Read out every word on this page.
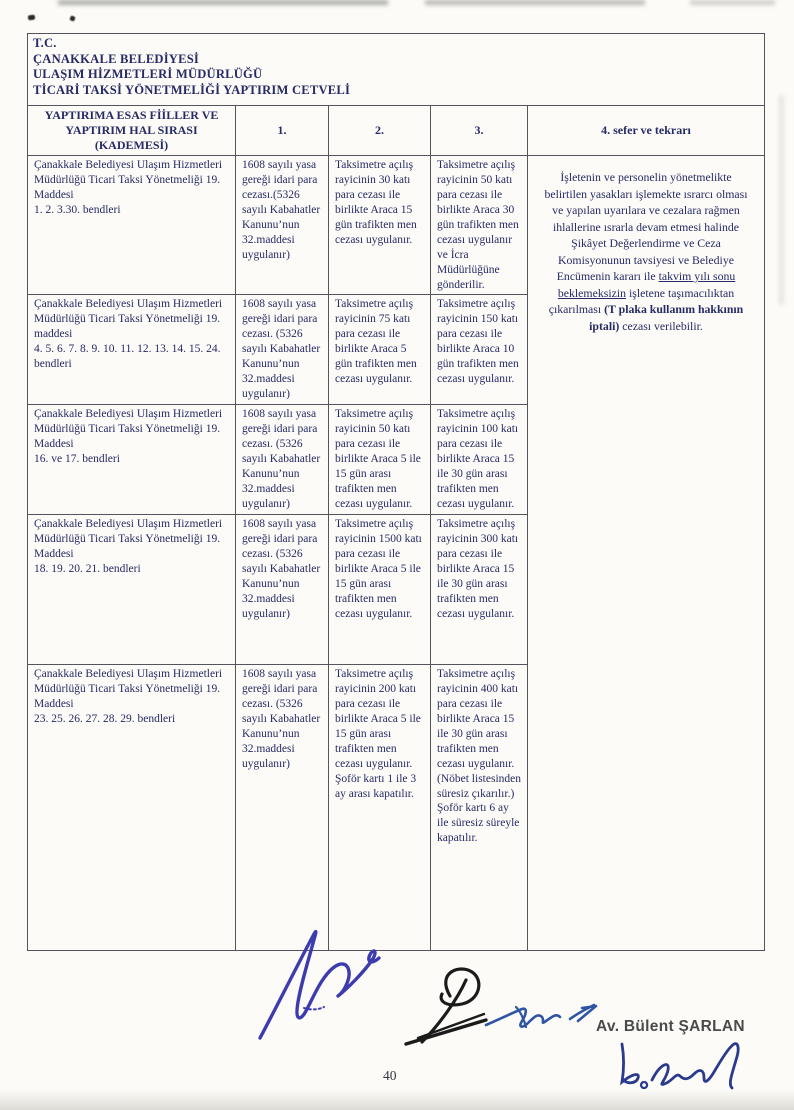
T.C.
ÇANAKKALE BELEDİYESİ
ULAŞIM HİZMETLERİ MÜDÜRLÜĞÜ
TİCARİ TAKSİ YÖNETMELİĞİ YAPTIRIM CETVELİ				

YAPTIRIMA ESAS FİİLLER VE YAPTIRIM HAL SIRASI (KADEMESİ)	1.	2.	3.	4. sefer ve tekrarı

Çanakkale Belediyesi Ulaşım Hizmetleri Müdürlüğü Ticari Taksi Yönetmeliği 19. Maddesi
1. 2. 3.30. bendleri	1608 sayılı yasa gereği idari para cezası.(5326 sayılı Kabahatler Kanunu’nun 32.maddesi uygulanır)	Taksimetre açılış rayicinin 30 katı para cezası ile birlikte Araca 15 gün trafikten men cezası uygulanır.	Taksimetre açılış rayicinin 50 katı para cezası ile birlikte Araca 30 gün trafikten men cezası uygulanır ve İcra Müdürlüğüne gönderilir.	İşletenin ve personelin yönetmelikte belirtilen yasakları işlemekte ısrarcı olması ve yapılan uyarılara ve cezalara rağmen ihlallerine ısrarla devam etmesi halinde Şikâyet Değerlendirme ve Ceza Komisyonunun tavsiyesi ve Belediye Encümenin kararı ile takvim yılı sonu beklemeksizin işletene taşımacılıktan çıkarılması (T plaka kullanım hakkının iptali) cezası verilebilir.

Çanakkale Belediyesi Ulaşım Hizmetleri Müdürlüğü Ticari Taksi Yönetmeliği 19. maddesi
4. 5. 6. 7. 8. 9. 10. 11. 12. 13. 14. 15. 24. bendleri	1608 sayılı yasa gereği idari para cezası. (5326 sayılı Kabahatler Kanunu’nun 32.maddesi uygulanır)	Taksimetre açılış rayicinin 75 katı para cezası ile birlikte Araca 5 gün trafikten men cezası uygulanır.	Taksimetre açılış rayicinin 150 katı para cezası ile birlikte Araca 10 gün trafikten men cezası uygulanır.	

Çanakkale Belediyesi Ulaşım Hizmetleri Müdürlüğü Ticari Taksi Yönetmeliği 19. Maddesi
16. ve 17. bendleri	1608 sayılı yasa gereği idari para cezası. (5326 sayılı Kabahatler Kanunu’nun 32.maddesi uygulanır)	Taksimetre açılış rayicinin 50 katı para cezası ile birlikte Araca 5 ile 15 gün arası trafikten men cezası uygulanır.	Taksimetre açılış rayicinin 100 katı para cezası ile birlikte Araca 15 ile 30 gün arası trafikten men cezası uygulanır.	

Çanakkale Belediyesi Ulaşım Hizmetleri Müdürlüğü Ticari Taksi Yönetmeliği 19. Maddesi
18. 19. 20. 21. bendleri	1608 sayılı yasa gereği idari para cezası. (5326 sayılı Kabahatler Kanunu’nun 32.maddesi uygulanır)	Taksimetre açılış rayicinin 1500 katı para cezası ile birlikte Araca 5 ile 15 gün arası trafikten men cezası uygulanır.	Taksimetre açılış rayicinin 300 katı para cezası ile birlikte Araca 15 ile 30 gün arası trafikten men cezası uygulanır.	

Çanakkale Belediyesi Ulaşım Hizmetleri Müdürlüğü Ticari Taksi Yönetmeliği 19. Maddesi
23. 25. 26. 27. 28. 29. bendleri	1608 sayılı yasa gereği idari para cezası. (5326 sayılı Kabahatler Kanunu’nun 32.maddesi uygulanır)	Taksimetre açılış rayicinin 200 katı para cezası ile birlikte Araca 5 ile 15 gün arası trafikten men cezası uygulanır. Şoför kartı 1 ile 3 ay arası kapatılır.	Taksimetre açılış rayicinin 400 katı para cezası ile birlikte Araca 15 ile 30 gün arası trafikten men cezası uygulanır. (Nöbet listesinden süresiz çıkarılır.) Şoför kartı 6 ay ile süresiz süreyle kapatılır.	
Av. Bülent ŞARLAN
40
